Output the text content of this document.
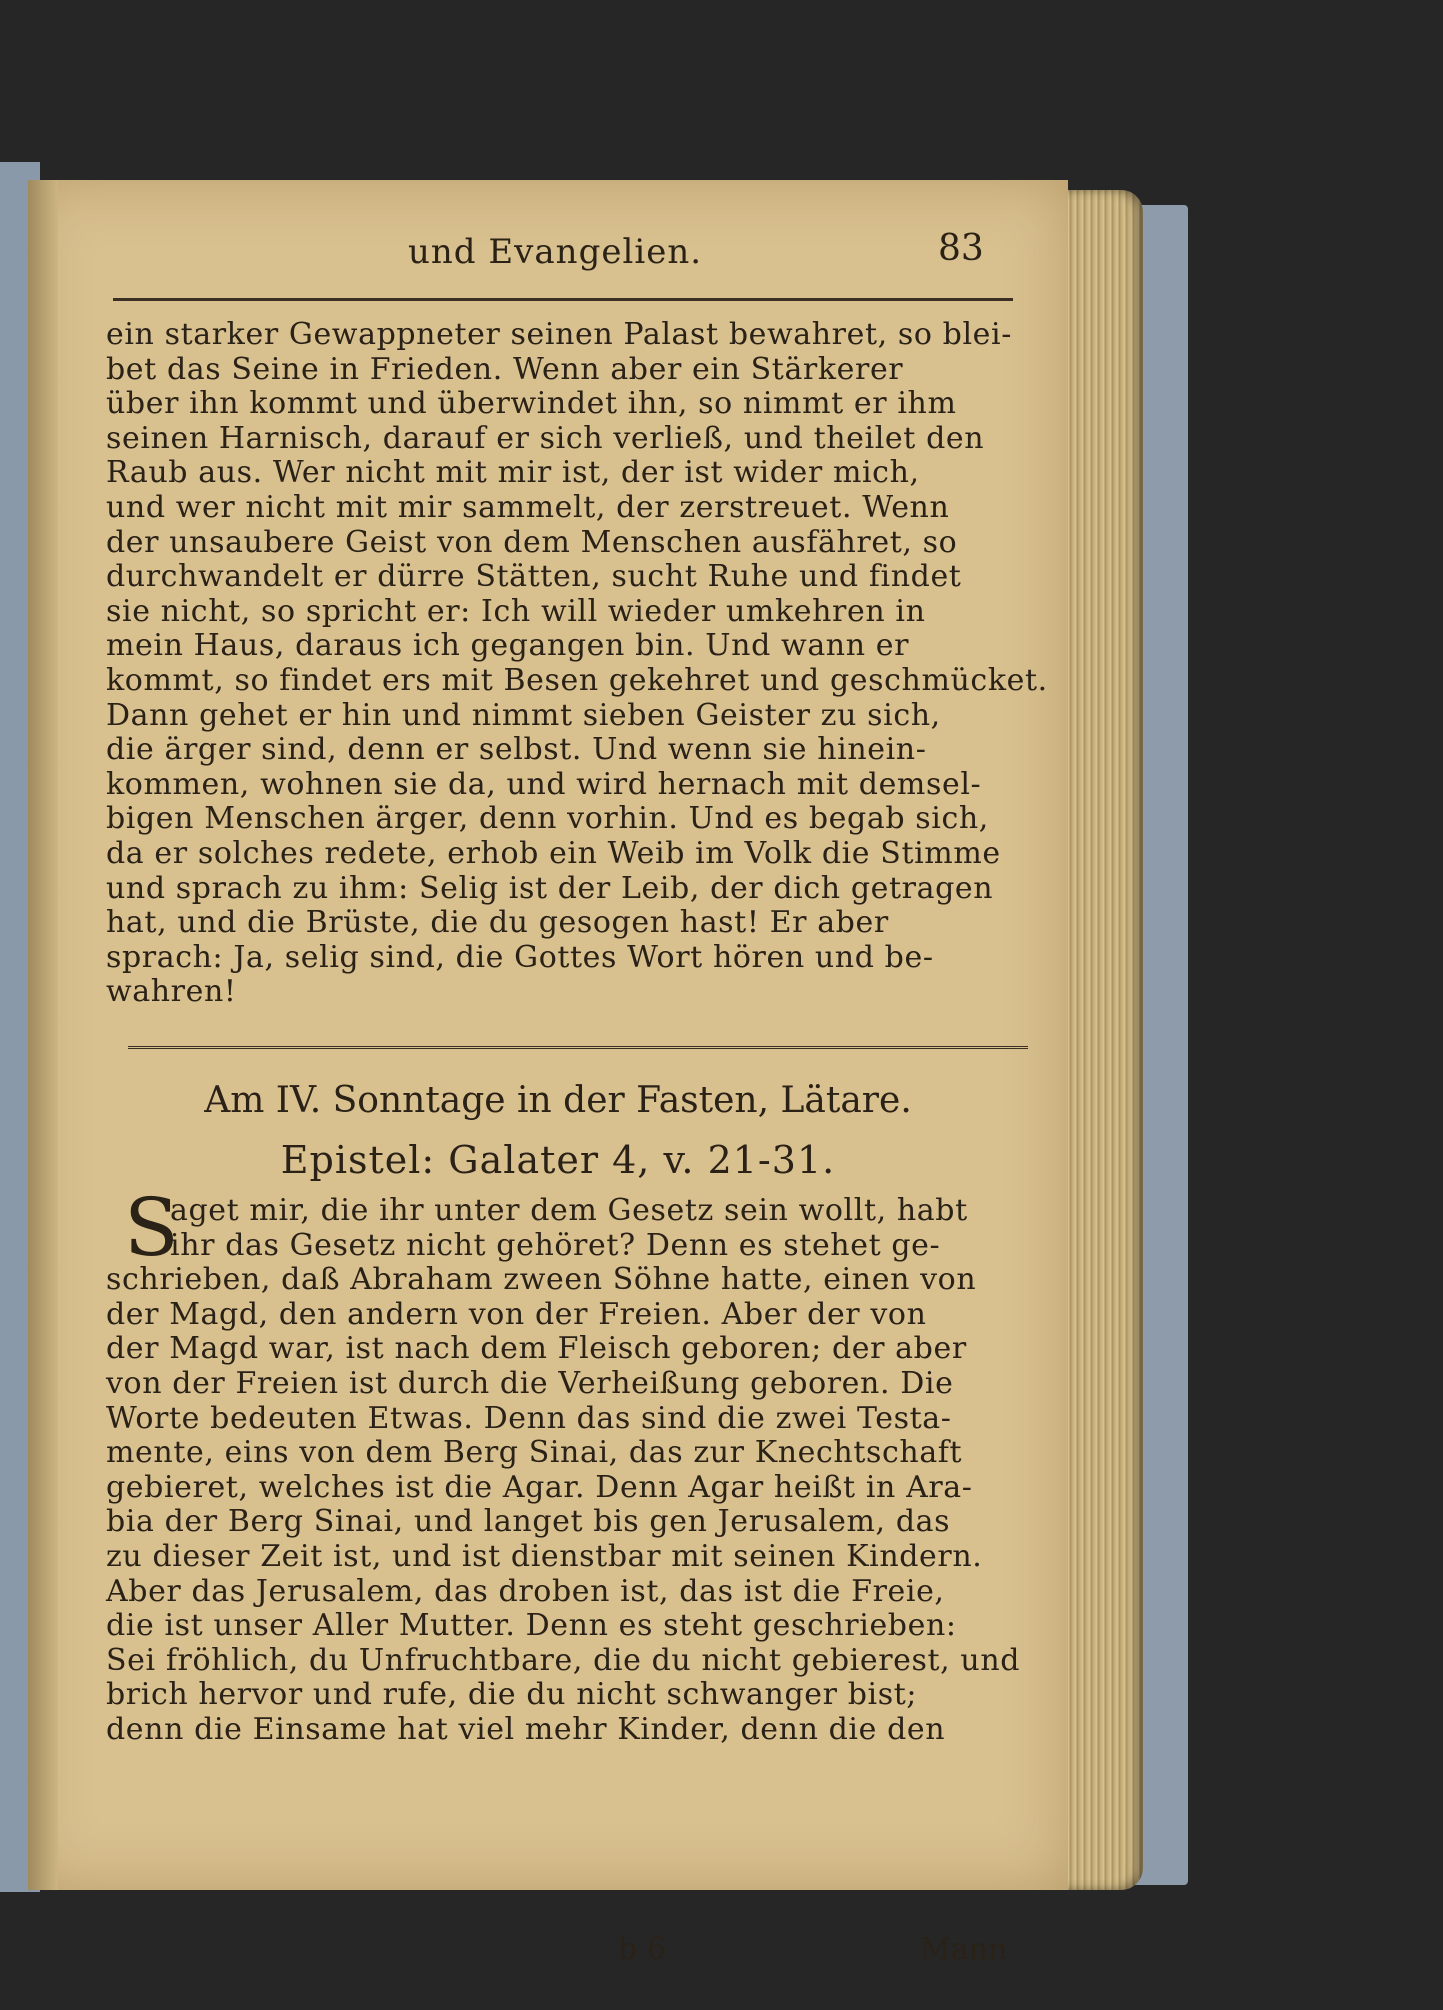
und Evangelien.	83
ein starker Gewappneter seinen Palast bewahret, so blei-
bet das Seine in Frieden. Wenn aber ein Stärkerer
über ihn kommt und überwindet ihn, so nimmt er ihm
seinen Harnisch, darauf er sich verließ, und theilet den
Raub aus. Wer nicht mit mir ist, der ist wider mich,
und wer nicht mit mir sammelt, der zerstreuet. Wenn
der unsaubere Geist von dem Menschen ausfähret, so
durchwandelt er dürre Stätten, sucht Ruhe und findet
sie nicht, so spricht er: Ich will wieder umkehren in
mein Haus, daraus ich gegangen bin. Und wann er
kommt, so findet ers mit Besen gekehret und geschmücket.
Dann gehet er hin und nimmt sieben Geister zu sich,
die ärger sind, denn er selbst. Und wenn sie hinein-
kommen, wohnen sie da, und wird hernach mit demsel-
bigen Menschen ärger, denn vorhin. Und es begab sich,
da er solches redete, erhob ein Weib im Volk die Stimme
und sprach zu ihm: Selig ist der Leib, der dich getragen
hat, und die Brüste, die du gesogen hast! Er aber
sprach: Ja, selig sind, die Gottes Wort hören und be-
wahren!
Am IV. Sonntage in der Fasten, Lätare.
Epistel: Galater 4, v. 21-31.
S
aget mir, die ihr unter dem Gesetz sein wollt, habt
ihr das Gesetz nicht gehöret? Denn es stehet ge-
schrieben, daß Abraham zween Söhne hatte, einen von
der Magd, den andern von der Freien. Aber der von
der Magd war, ist nach dem Fleisch geboren; der aber
von der Freien ist durch die Verheißung geboren. Die
Worte bedeuten Etwas. Denn das sind die zwei Testa-
mente, eins von dem Berg Sinai, das zur Knechtschaft
gebieret, welches ist die Agar. Denn Agar heißt in Ara-
bia der Berg Sinai, und langet bis gen Jerusalem, das
zu dieser Zeit ist, und ist dienstbar mit seinen Kindern.
Aber das Jerusalem, das droben ist, das ist die Freie,
die ist unser Aller Mutter. Denn es steht geschrieben:
Sei fröhlich, du Unfruchtbare, die du nicht gebierest, und
brich hervor und rufe, die du nicht schwanger bist;
denn die Einsame hat viel mehr Kinder, denn die den
b 6	Mann
